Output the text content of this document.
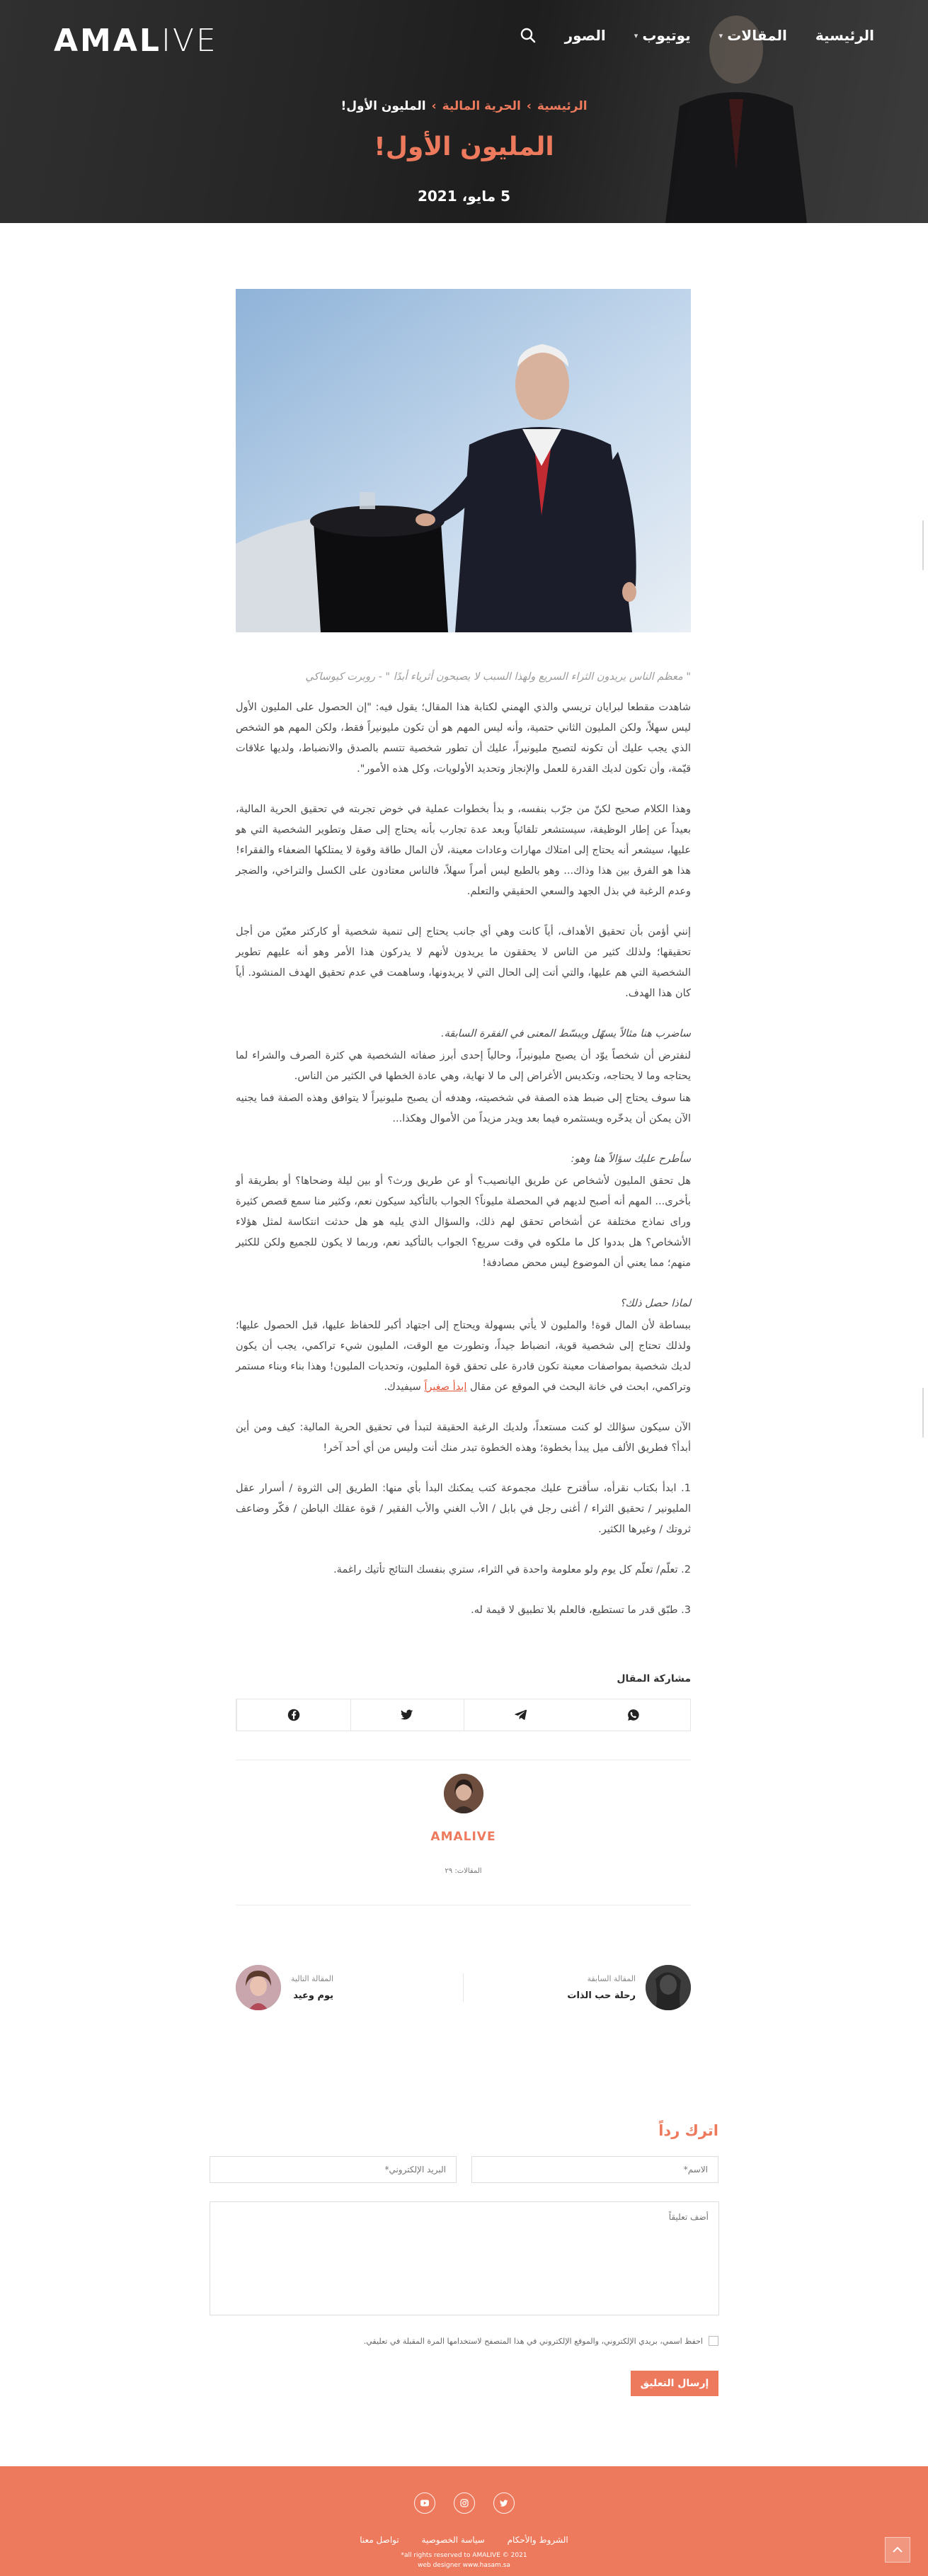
AMALIVE	الرئيسية
المقالات
▾
يوتيوب
▾
الصور
الرئيسية›الحرية المالية›المليون الأول!
المليون الأول!
5 مايو، 2021

" معظم الناس يريدون الثراء السريع ولهذا السبب لا يصبحون أثرياء أبدًا " - روبرت كيوساكي

شاهدت مقطعا لبرايان تريسي والذي الهمني لكتابة هذا المقال؛ يقول فيه: "إن الحصول على المليون الأول ليس سهلاً، ولكن المليون الثاني حتمية، وأنه ليس المهم هو أن تكون مليونيراً فقط، ولكن المهم هو الشخص الذي يجب عليك أن تكونه لتصبح مليونيراً، عليك أن تطور شخصية تتسم بالصدق والانضباط، ولديها علاقات قيّمة، وأن تكون لديك القدرة للعمل والإنجاز وتحديد الأولويات، وكل هذه الأمور".

وهذا الكلام صحيح لكنّ من جرّب بنفسه، و بدأ بخطوات عملية في خوض تجربته في تحقيق الحرية المالية، بعيداً عن إطار الوظيفة، سيستشعر تلقائياً وبعد عدة تجارب بأنه يحتاج إلى صقل وتطوير الشخصية التي هو عليها، سيشعر أنه يحتاج إلى امتلاك مهارات وعادات معينة، لأن المال طاقة وقوة لا يمتلكها الضعفاء والفقراء! هذا هو الفرق بين هذا وذاك... وهو بالطبع ليس أمراً سهلاً، فالناس معتادون على الكسل والتراخي، والضجر وعدم الرغبة في بذل الجهد والسعي الحقيقي والتعلم.

إنني أؤمن بأن تحقيق الأهداف، أياً كانت وهي أي جانب يحتاج إلى تنمية شخصية أو كاركتر معيّن من أجل تحقيقها؛ ولذلك كثير من الناس لا يحققون ما يريدون لأنهم لا يدركون هذا الأمر وهو أنه عليهم تطوير الشخصية التي هم عليها، والتي أتت إلى الحال التي لا يريدونها، وساهمت في عدم تحقيق الهدف المنشود. أياً كان هذا الهدف.

ساضرب هنا مثالاً يسهّل ويبسّط المعنى في الفقرة السابقة.
لنفترض أن شخصاً يوّد أن يصبح مليونيراً، وحالياً إحدى أبرز صفاته الشخصية هي كثرة الصرف والشراء لما يحتاجه وما لا يحتاجه، وتكديس الأغراض إلى ما لا نهاية، وهي عادة الخطها في الكثير من الناس.

هنا سوف يحتاج إلى ضبط هذه الصفة في شخصيته، وهدفه أن يصبح مليونيراً لا يتوافق وهذه الصفة فما يجنيه الآن يمكن أن يدخّره ويستثمره فيما بعد ويدر مزيداً من الأموال وهكذا...

سأطرح عليك سؤالاً هنا وهو:

هل تحقق المليون لأشخاص عن طريق اليانصيب؟ أو عن طريق ورث؟ أو بين ليلة وضحاها؟ أو بطريقة أو بأخرى... المهم أنه أصبح لديهم في المحصلة مليوناً؟ الجواب بالتأكيد سيكون نعم، وكثير منا سمع قصص كثيرة وراى نماذج مختلفة عن أشخاص تحقق لهم ذلك، والسؤال الذي يليه هو هل حدثت انتكاسة لمثل هؤلاء الأشخاص؟ هل بددوا كل ما ملكوه في وقت سريع؟ الجواب بالتأكيد نعم، وربما لا يكون للجميع ولكن للكثير منهم؛ مما يعني أن الموضوع ليس محض مصادفة!

لماذا حصل ذلك؟

ببساطة لأن المال قوة! والمليون لا يأتي بسهولة ويحتاج إلى اجتهاد أكبر للحفاظ عليها، قبل الحصول عليها؛ ولذلك تحتاج إلى شخصية قوية، انضباط جيداً، وتطورت مع الوقت، المليون شيء تراكمي، يجب أن يكون لديك شخصية بمواصفات معينة تكون قادرة على تحقق قوة المليون، وتحديات المليون! وهذا بناء وبناء مستمر وتراكمي، ابحث في خانة البحث في الموقع عن مقال ابدأ صغيراً سيفيدك.

الآن سيكون سؤالك لو كنت مستعداً، ولديك الرغبة الحقيقة لتبدأ في تحقيق الحرية المالية: كيف ومن أين أبدأ؟ فطريق الألف ميل يبدأ بخطوة؛ وهذه الخطوة تبدر منك أنت وليس من أي أحد آخر!

1. ابدأ بكتاب نقرأه، سأقترح عليك مجموعة كتب يمكنك البدأ بأي منها: الطريق إلى الثروة / أسرار عقل المليونير / تحقيق الثراء / أغنى رجل في بابل / الأب الغني والأب الفقير / قوة عقلك الباطن / فكّر وضاعف ثروتك / وغيرها الكثير.

2. تعلّم/ تعلّم كل يوم ولو معلومة واحدة في الثراء، ستري بنفسك النتائج تأتيك راغمة.

3. طبّق قدر ما تستطيع، فالعلم بلا تطبيق لا قيمة له.

مشاركة المقال
AMALIVE
المقالات: ٢٩
المقالة السابقة
رحلة حب الذات
المقالة التالية
يوم وعيد
اترك رداً
الاسم*
البريد الإلكتروني*
أضف تعليقاً
احفظ اسمي، بريدي الإلكتروني، والموقع الإلكتروني في هذا المتصفح لاستخدامها المرة المقبلة في تعليقي.
إرسال التعليق
الشروط والأحكام سياسة الخصوصية تواصل معنا
2021 © all rights reserved to AMALIVE*
web designer www.hasam.sa
